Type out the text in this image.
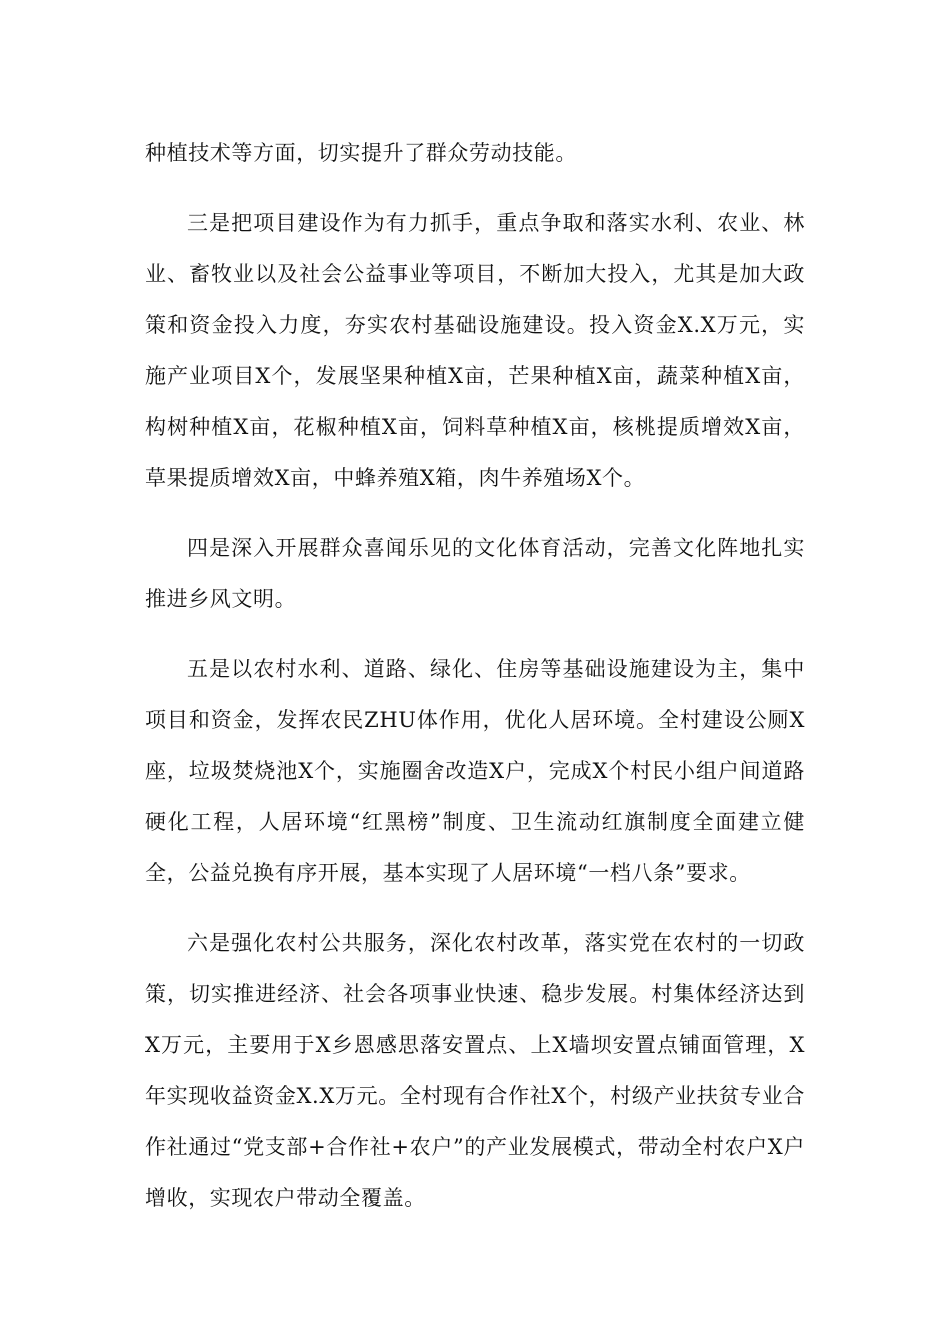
种植技术等方面，切实提升了群众劳动技能。

三是把项目建设作为有力抓手，重点争取和落实水利、农业、林业、畜牧业以及社会公益事业等项目，不断加大投入，尤其是加大政策和资金投入力度，夯实农村基础设施建设。投入资金X.X万元，实施产业项目X个，发展坚果种植X亩，芒果种植X亩，蔬菜种植X亩，构树种植X亩，花椒种植X亩，饲料草种植X亩，核桃提质增效X亩，草果提质增效X亩，中蜂养殖X箱，肉牛养殖场X个。

四是深入开展群众喜闻乐见的文化体育活动，完善文化阵地扎实推进乡风文明。

五是以农村水利、道路、绿化、住房等基础设施建设为主，集中项目和资金，发挥农民ZHU体作用，优化人居环境。全村建设公厕X座，垃圾焚烧池X个，实施圈舍改造X户，完成X个村民小组户间道路硬化工程，人居环境“红黑榜”制度、卫生流动红旗制度全面建立健全，公益兑换有序开展，基本实现了人居环境“一档八条”要求。

六是强化农村公共服务，深化农村改革，落实党在农村的一切政策，切实推进经济、社会各项事业快速、稳步发展。村集体经济达到X万元，主要用于X乡恩感思落安置点、上X墙坝安置点铺面管理，X年实现收益资金X.X万元。全村现有合作社X个，村级产业扶贫专业合作社通过“党支部+合作社+农户”的产业发展模式，带动全村农户X户增收，实现农户带动全覆盖。
